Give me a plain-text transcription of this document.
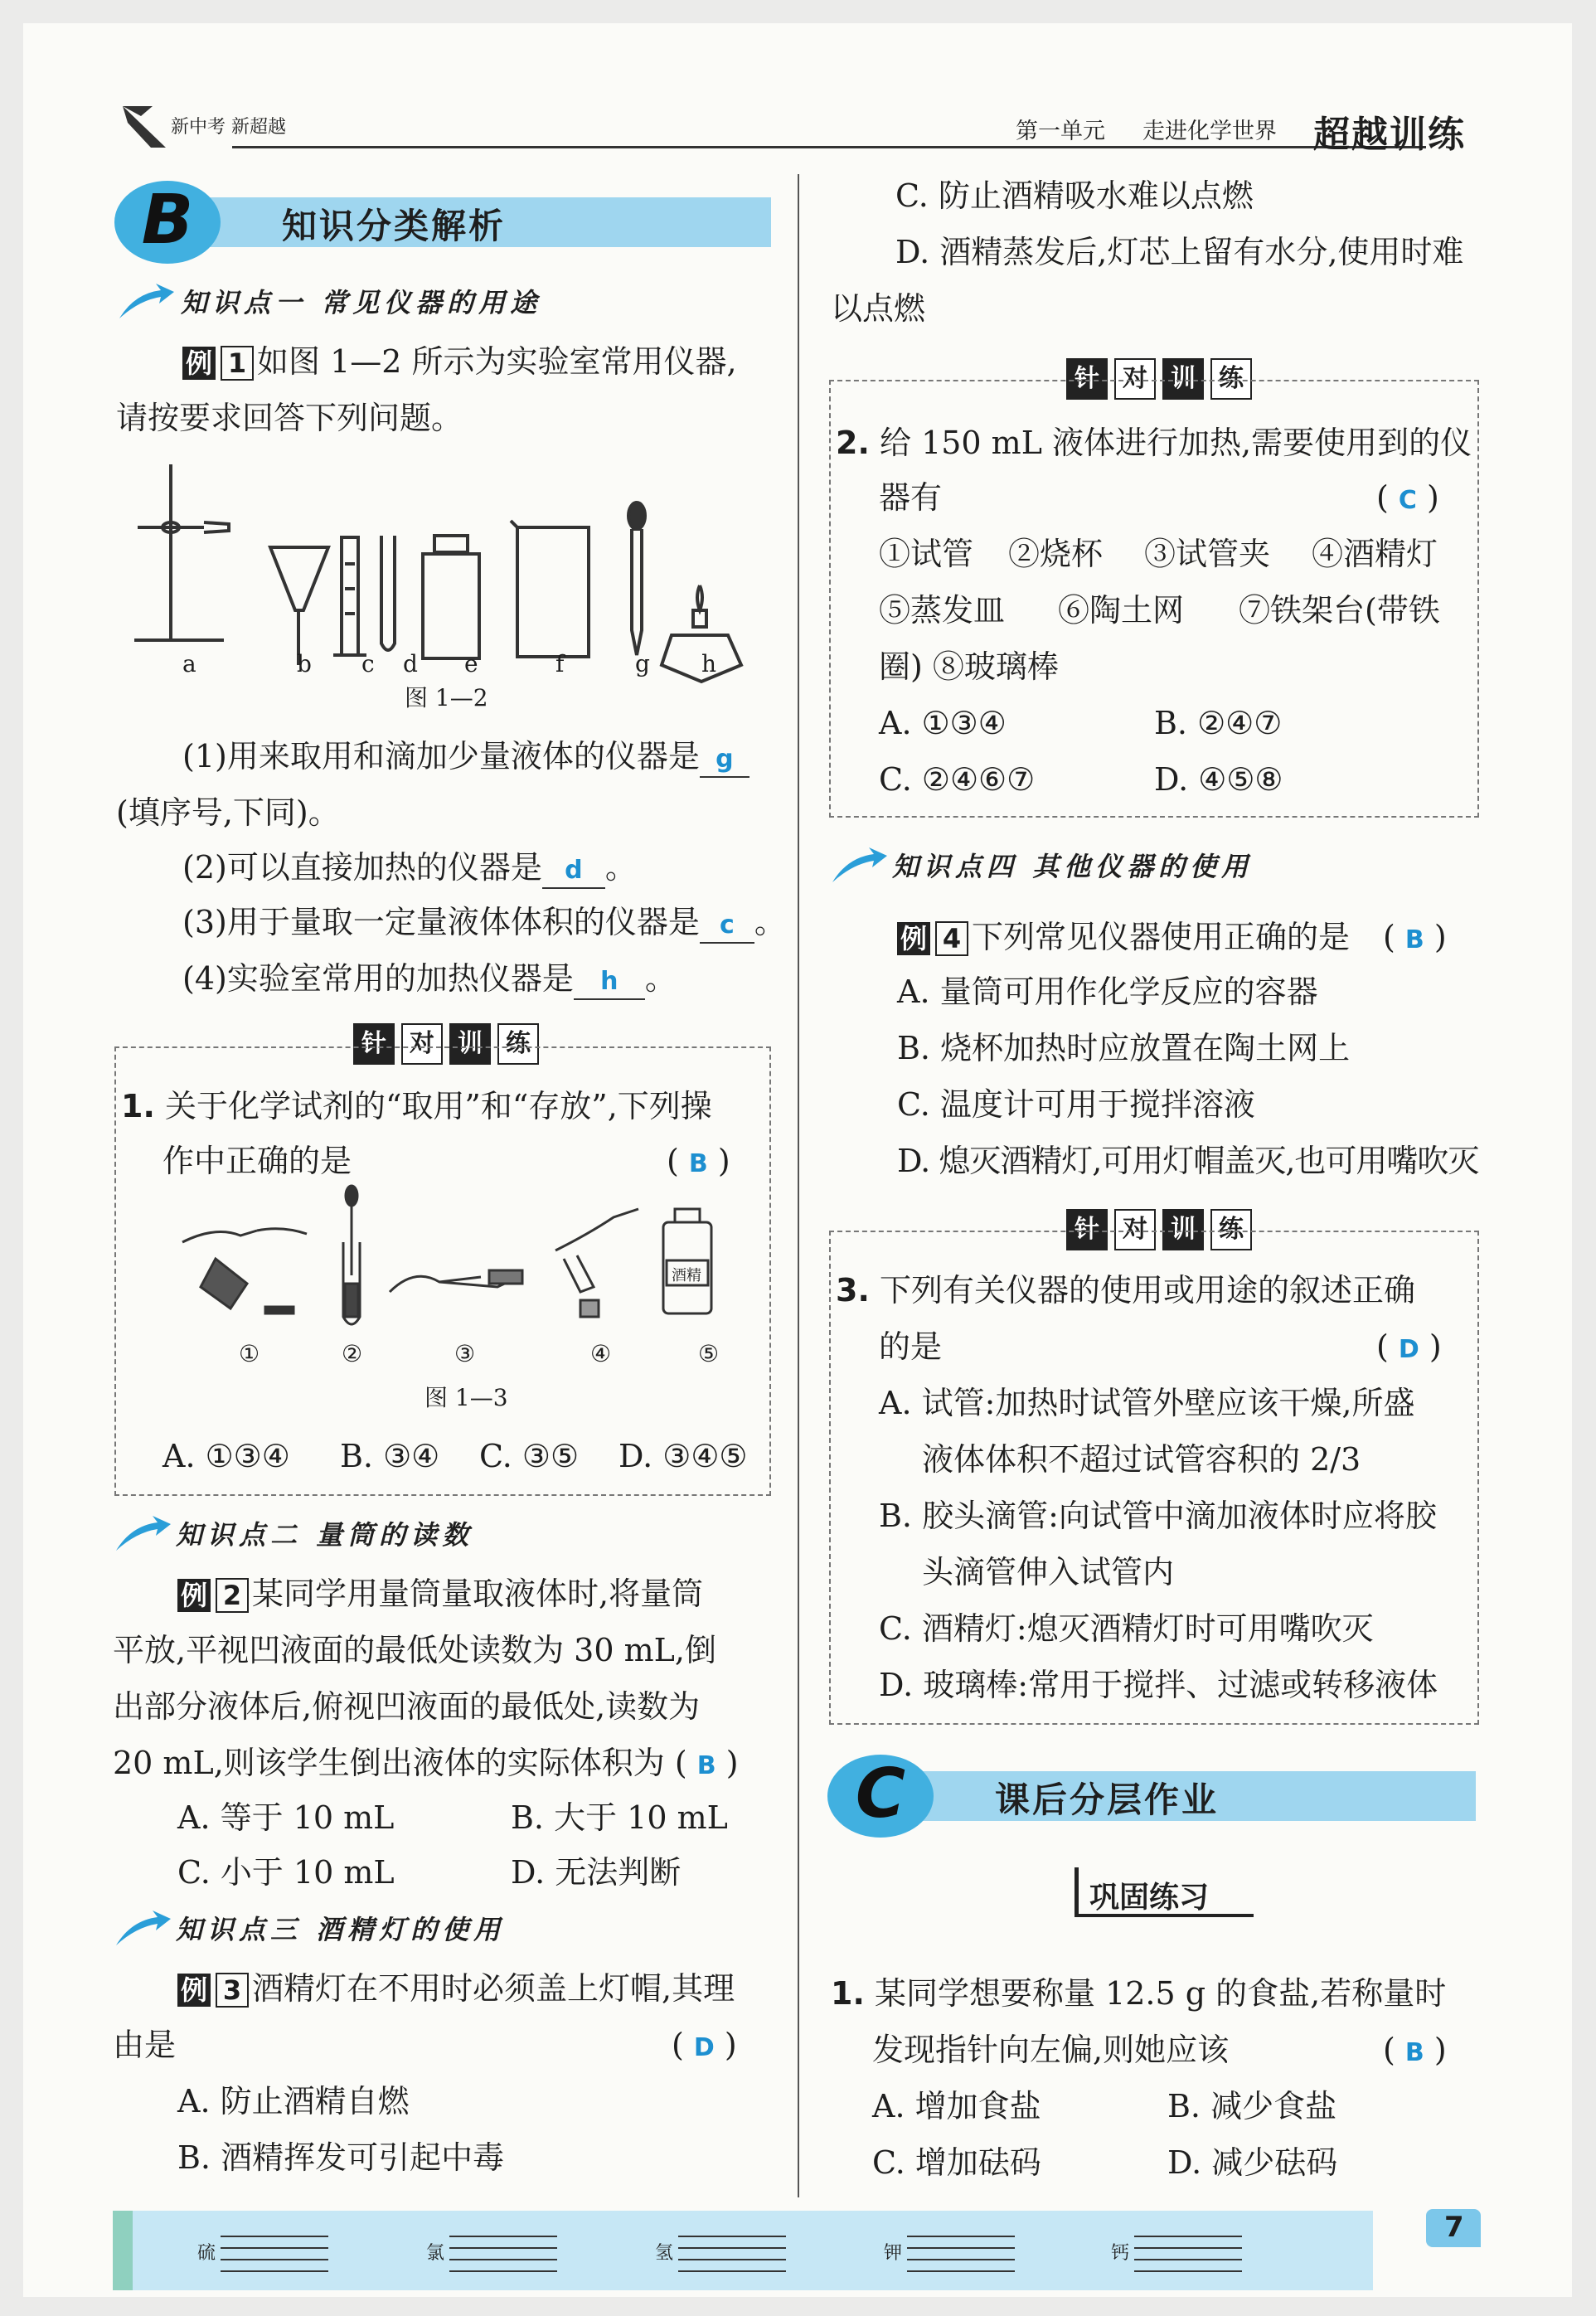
新中考 新超越	第一单元 走进化学世界 超越训练
B	知识分类解析
知识点一 常见仪器的用途
例 1 如图 1—2 所示为实验室常用仪器,
请按要求回答下列问题。
a	b c d e	f	g h
图 1—2
(1)用来取用和滴加少量液体的仪器是 g
(填序号,下同)。
(2)可以直接加热的仪器是 d 。
(3)用于量取一定量液体体积的仪器是 c 。
(4)实验室常用的加热仪器是 h 。
针 对 训 练
1. 关于化学试剂的“取用”和“存放”,下列操
作中正确的是	( B )
酒精
①	②	③	④	⑤
图 1—3
A. ①③④ B. ③④ C. ③⑤ D. ③④⑤
知识点二 量筒的读数
例 2 某同学用量筒量取液体时,将量筒
平放,平视凹液面的最低处读数为 30 mL,倒
出部分液体后,俯视凹液面的最低处,读数为
20 mL,则该学生倒出液体的实际体积为 ( B )
A. 等于 10 mL	B. 大于 10 mL
C. 小于 10 mL	D. 无法判断
知识点三 酒精灯的使用
例 3 酒精灯在不用时必须盖上灯帽,其理
由是	( D )
A. 防止酒精自燃
B. 酒精挥发可引起中毒
C. 防止酒精吸水难以点燃
D. 酒精蒸发后,灯芯上留有水分,使用时难
以点燃
针 对 训 练
2. 给 150 mL 液体进行加热,需要使用到的仪
器有	( C )
①试管 ②烧杯 ③试管夹 ④酒精灯
⑤蒸发皿 ⑥陶土网 ⑦铁架台(带铁
圈) ⑧玻璃棒
A. ①③④	B. ②④⑦
C. ②④⑥⑦	D. ④⑤⑧
知识点四 其他仪器的使用
例 4 下列常见仪器使用正确的是 ( B )
A. 量筒可用作化学反应的容器
B. 烧杯加热时应放置在陶土网上
C. 温度计可用于搅拌溶液
D. 熄灭酒精灯,可用灯帽盖灭,也可用嘴吹灭
针 对 训 练
3. 下列有关仪器的使用或用途的叙述正确
的是	( D )
A. 试管:加热时试管外壁应该干燥,所盛
液体体积不超过试管容积的 2/3
B. 胶头滴管:向试管中滴加液体时应将胶
头滴管伸入试管内
C. 酒精灯:熄灭酒精灯时可用嘴吹灭
D. 玻璃棒:常用于搅拌、过滤或转移液体
C	课后分层作业
巩固练习
1. 某同学想要称量 12.5 g 的食盐,若称量时
发现指针向左偏,则她应该	( B )
A. 增加食盐	B. 减少食盐
C. 增加砝码	D. 减少砝码
硫	氯	氢	钾	钙
7
